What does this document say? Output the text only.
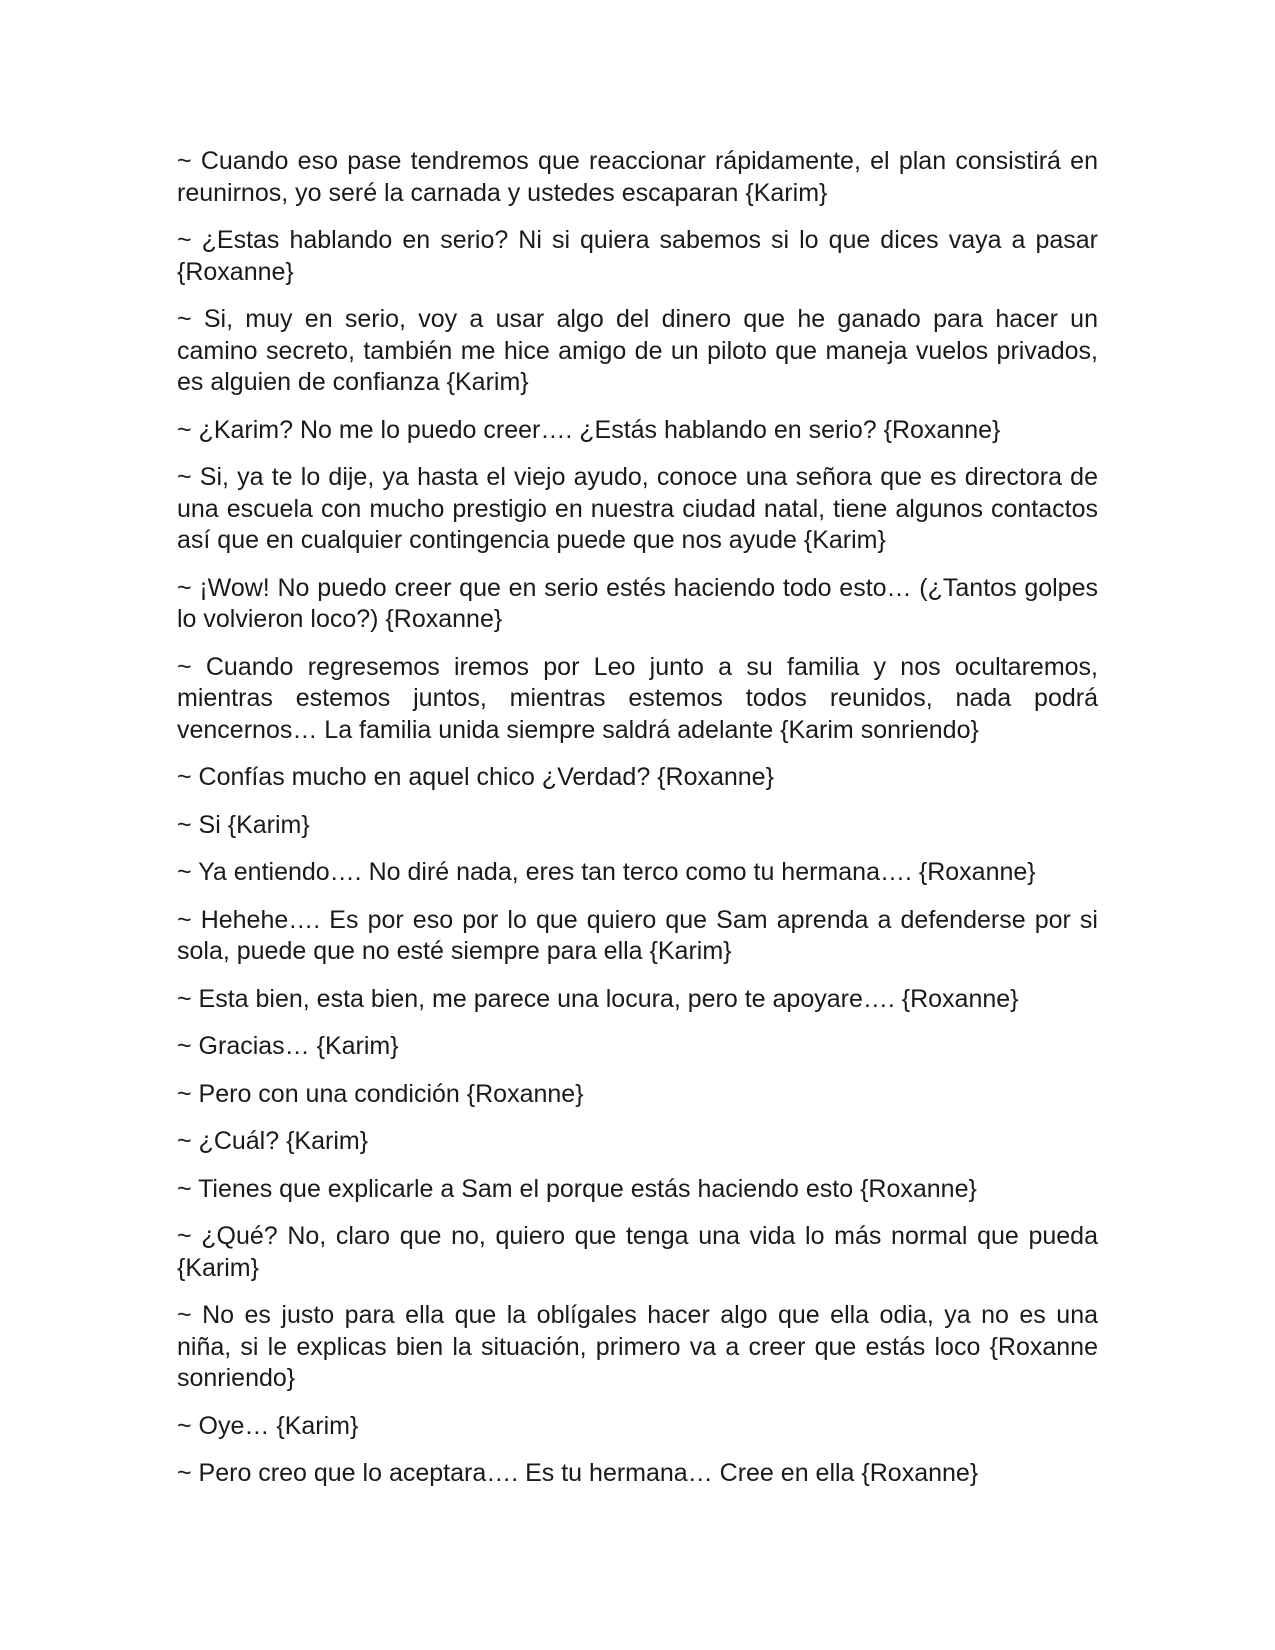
~ Cuando eso pase tendremos que reaccionar rápidamente, el plan consistirá en reunirnos, yo seré la carnada y ustedes escaparan {Karim}

~ ¿Estas hablando en serio? Ni si quiera sabemos si lo que dices vaya a pasar {Roxanne}

~ Si, muy en serio, voy a usar algo del dinero que he ganado para hacer un camino secreto, también me hice amigo de un piloto que maneja vuelos privados, es alguien de confianza {Karim}

~ ¿Karim? No me lo puedo creer…. ¿Estás hablando en serio? {Roxanne}

~ Si, ya te lo dije, ya hasta el viejo ayudo, conoce una señora que es directora de una escuela con mucho prestigio en nuestra ciudad natal, tiene algunos contactos así que en cualquier contingencia puede que nos ayude {Karim}

~ ¡Wow! No puedo creer que en serio estés haciendo todo esto… (¿Tantos golpes lo volvieron loco?) {Roxanne}

~ Cuando regresemos iremos por Leo junto a su familia y nos ocultaremos, mientras estemos juntos, mientras estemos todos reunidos, nada podrá vencernos… La familia unida siempre saldrá adelante {Karim sonriendo}

~ Confías mucho en aquel chico ¿Verdad? {Roxanne}

~ Si {Karim}

~ Ya entiendo…. No diré nada, eres tan terco como tu hermana…. {Roxanne}

~ Hehehe…. Es por eso por lo que quiero que Sam aprenda a defenderse por si sola, puede que no esté siempre para ella {Karim}

~ Esta bien, esta bien, me parece una locura, pero te apoyare…. {Roxanne}

~ Gracias… {Karim}

~ Pero con una condición {Roxanne}

~ ¿Cuál? {Karim}

~ Tienes que explicarle a Sam el porque estás haciendo esto {Roxanne}

~ ¿Qué? No, claro que no, quiero que tenga una vida lo más normal que pueda {Karim}

~ No es justo para ella que la oblígales hacer algo que ella odia, ya no es una niña, si le explicas bien la situación, primero va a creer que estás loco {Roxanne sonriendo}

~ Oye… {Karim}

~ Pero creo que lo aceptara…. Es tu hermana… Cree en ella {Roxanne}
